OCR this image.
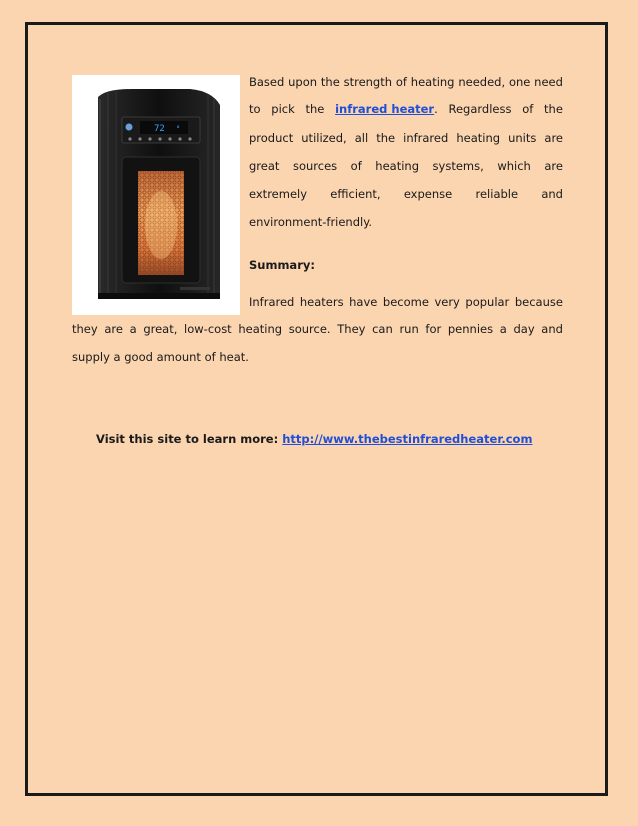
72 °
Based upon the strength of heating needed, one need
to pick the infrared heater. Regardless of the
product utilized, all the infrared heating units are
great sources of heating systems, which are
extremely efficient, expense reliable and
environment-friendly.
Summary:
Infrared heaters have become very popular because
they are a great, low-cost heating source. They can run for pennies a day and
supply a good amount of heat.
Visit this site to learn more: http://www.thebestinfraredheater.com
